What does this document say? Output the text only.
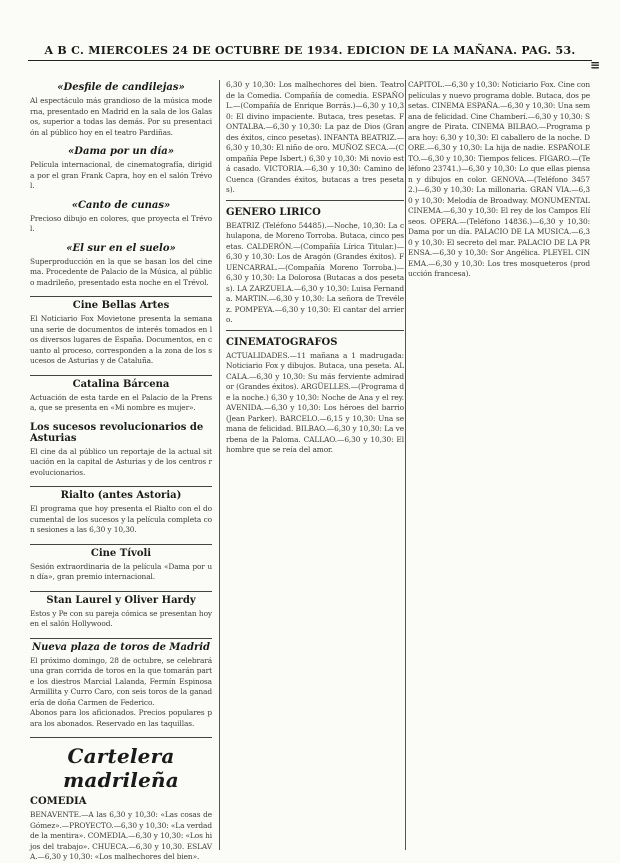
A B C. MIERCOLES 24 DE OCTUBRE DE 1934. EDICION DE LA MAÑANA. PAG. 53.
≡
«Desfile de candilejas»
Al espectáculo más grandioso de la música moderna, presentado en Madrid en la sala de los Galasos, superior a todas las demás. Por su presentación al público hoy en el teatro Pardiñas.
«Dama por un día»
Película internacional, de cinematografía, dirigida por el gran Frank Capra, hoy en el salón Trévol.
«Canto de cunas»
Precioso dibujo en colores, que proyecta el Trévol.
«El sur en el suelo»
Superproducción en la que se basan los del cinema. Procedente de Palacio de la Música, al público madrileño, presentado esta noche en el Trévol.
Cine Bellas Artes
El Noticiario Fox Movietone presenta la semana una serie de documentos de interés tomados en los diversos lugares de España. Documentos, en cuanto al proceso, corresponden a la zona de los sucesos de Asturias y de Cataluña.
Catalina Bárcena
Actuación de esta tarde en el Palacio de la Prensa, que se presenta en «Mi nombre es mujer».
Los sucesos revolucionarios de Asturias
El cine da al público un reportaje de la actual situación en la capital de Asturias y de los centros revolucionarios.
Rialto (antes Astoria)
El programa que hoy presenta el Rialto con el documental de los sucesos y la película completa con sesiones a las 6,30 y 10,30.
Cine Tívoli
Sesión extraordinaria de la película «Dama por un día», gran premio internacional.
Stan Laurel y Oliver Hardy
Estos y Pe con su pareja cómica se presentan hoy en el salón Hollywood.
Nueva plaza de toros de Madrid
El próximo domingo, 28 de octubre, se celebrará una gran corrida de toros en la que tomarán parte los diestros Marcial Lalanda, Fermín Espinosa Armillita y Curro Caro, con seis toros de la ganadería de doña Carmen de Federico.
Abonos para los aficionados. Precios populares para los abonados. Reservado en las taquillas.
Cartelera madrileña
COMEDIA
BENAVENTE.—A las 6,30 y 10,30: «Las cosas de Gómez».—PROYECTO.—6,30 y 10,30: «La verdad de la mentira». COMEDIA.—6,30 y 10,30: «Los hijos del trabajo». CHUECA.—6,30 y 10,30. ESLAVA.—6,30 y 10,30: «Los malhechores del bien».
6,30 y 10,30: Los malhechores del bien. Teatro de la Comedia. Compañía de comedia. ESPAÑOL.—(Compañía de Enrique Borrás.)—6,30 y 10,30: El divino impaciente. Butaca, tres pesetas. FONTALBA.—6,30 y 10,30: La paz de Dios (Grandes éxitos, cinco pesetas). INFANTA BEATRIZ.—6,30 y 10,30: El niño de oro. MUÑOZ SECA.—(Compañía Pepe Isbert.) 6,30 y 10,30: Mi novio está casado. VICTORIA.—6,30 y 10,30: Camino de Cuenca (Grandes éxitos, butacas a tres pesetas).
GENERO LIRICO
BEATRIZ (Teléfono 54485).—Noche, 10,30: La chulapona, de Moreno Torroba. Butaca, cinco pesetas. CALDERÓN.—(Compañía Lírica Titular.)—6,30 y 10,30: Los de Aragón (Grandes éxitos). FUENCARRAL.—(Compañía Moreno Torroba.)—6,30 y 10,30: La Dolorosa (Butacas a dos pesetas). LA ZARZUELA.—6,30 y 10,30: Luisa Fernanda. MARTIN.—6,30 y 10,30: La señora de Trevélez. POMPEYA.—6,30 y 10,30: El cantar del arriero.
CINEMATOGRAFOS
ACTUALIDADES.—11 mañana a 1 madrugada: Noticiario Fox y dibujos. Butaca, una peseta. ALCALA.—6,30 y 10,30: Su más ferviente admirador (Grandes éxitos). ARGÜELLES.—(Programa de la noche.) 6,30 y 10,30: Noche de Ana y el rey. AVENIDA.—6,30 y 10,30: Los héroes del barrio (Jean Parker). BARCELO.—6,15 y 10,30: Una semana de felicidad. BILBAO.—6,30 y 10,30: La verbena de la Paloma. CALLAO.—6,30 y 10,30: El hombre que se reía del amor.
CAPITOL.—6,30 y 10,30: Noticiario Fox. Cine con películas y nuevo programa doble. Butaca, dos pesetas. CINEMA ESPAÑA.—6,30 y 10,30: Una semana de felicidad. Cine Chamberí.—6,30 y 10,30: Sangre de Pirata. CINEMA BILBAO.—Programa para hoy: 6,30 y 10,30: El caballero de la noche. DORE.—6,30 y 10,30: La hija de nadie. ESPAÑOLETO.—6,30 y 10,30: Tiempos felices. FIGARO.—(Teléfono 23741.)—6,30 y 10,30: Lo que ellas piensan y dibujos en color. GENOVA.—(Teléfono 34572.)—6,30 y 10,30: La millonaria. GRAN VIA.—6,30 y 10,30: Melodía de Broadway. MONUMENTAL CINEMA.—6,30 y 10,30: El rey de los Campos Elíseos. OPERA.—(Teléfono 14836.)—6,30 y 10,30: Dama por un día. PALACIO DE LA MUSICA.—6,30 y 10,30: El secreto del mar. PALACIO DE LA PRENSA.—6,30 y 10,30: Sor Angélica. PLEYEL CINEMA.—6,30 y 10,30: Los tres mosqueteros (producción francesa).
